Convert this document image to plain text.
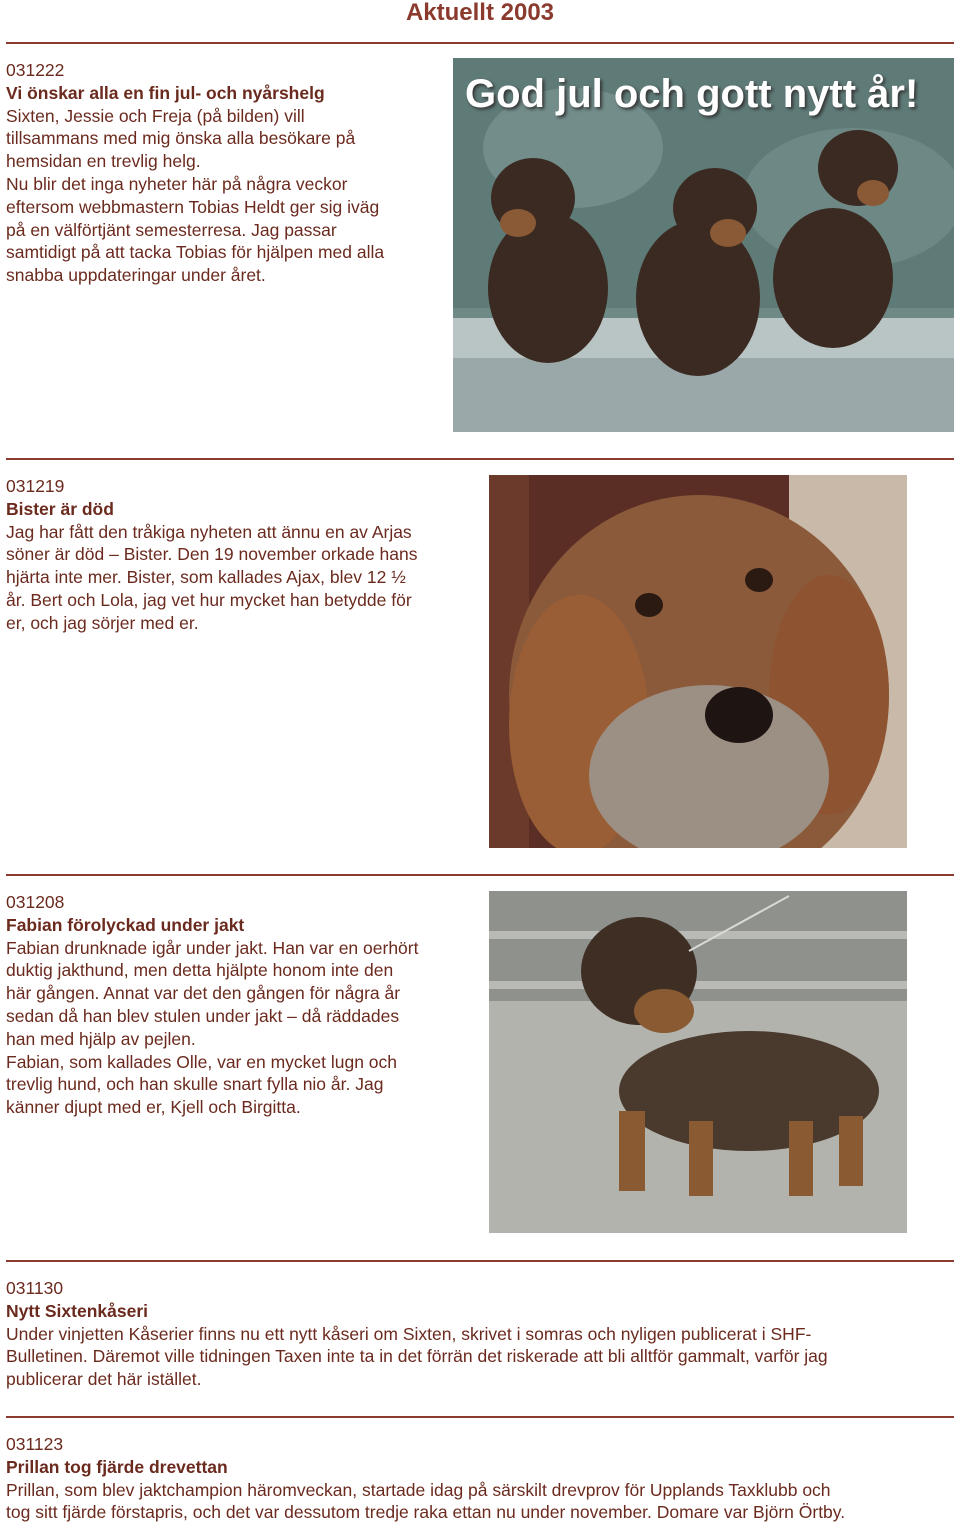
Aktuellt 2003
031222
Vi önskar alla en fin jul- och nyårshelg
Sixten, Jessie och Freja (på bilden) vill
tillsammans med mig önska alla besökare på
hemsidan en trevlig helg.
Nu blir det inga nyheter här på några veckor
eftersom webbmastern Tobias Heldt ger sig iväg
på en välförtjänt semesterresa. Jag passar
samtidigt på att tacka Tobias för hjälpen med alla
snabba uppdateringar under året.
God jul och gott nytt år!
031219
Bister är död
Jag har fått den tråkiga nyheten att ännu en av Arjas
söner är död – Bister. Den 19 november orkade hans
hjärta inte mer. Bister, som kallades Ajax, blev 12 ½
år. Bert och Lola, jag vet hur mycket han betydde för
er, och jag sörjer med er.
031208
Fabian förolyckad under jakt
Fabian drunknade igår under jakt. Han var en oerhört
duktig jakthund, men detta hjälpte honom inte den
här gången. Annat var det den gången för några år
sedan då han blev stulen under jakt – då räddades
han med hjälp av pejlen.
Fabian, som kallades Olle, var en mycket lugn och
trevlig hund, och han skulle snart fylla nio år. Jag
känner djupt med er, Kjell och Birgitta.
031130
Nytt Sixtenkåseri
Under vinjetten Kåserier finns nu ett nytt kåseri om Sixten, skrivet i somras och nyligen publicerat i SHF-
Bulletinen. Däremot ville tidningen Taxen inte ta in det förrän det riskerade att bli alltför gammalt, varför jag
publicerar det här istället.
031123
Prillan tog fjärde drevettan
Prillan, som blev jaktchampion häromveckan, startade idag på särskilt drevprov för Upplands Taxklubb och
tog sitt fjärde förstapris, och det var dessutom tredje raka ettan nu under november. Domare var Björn Örtby.
